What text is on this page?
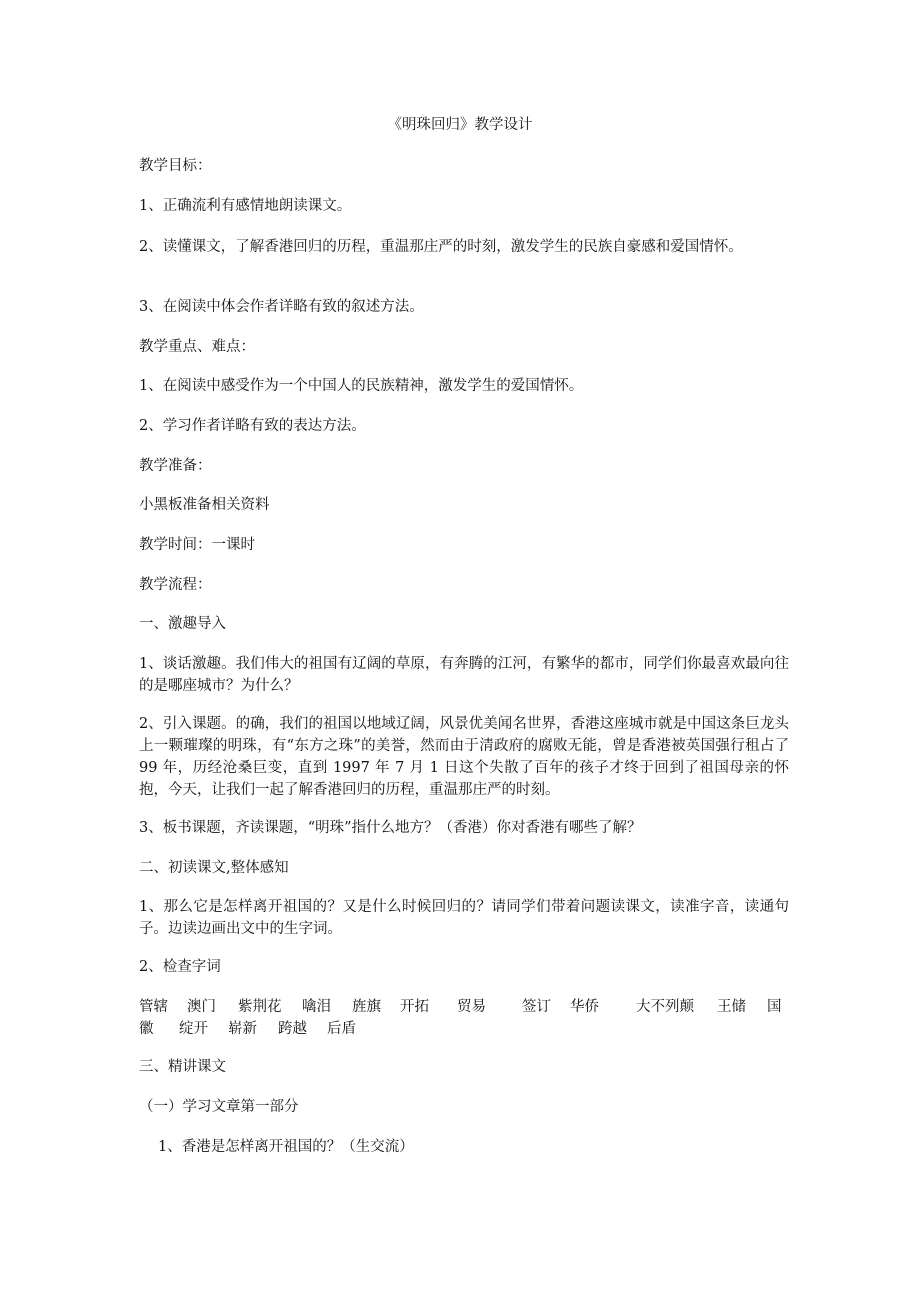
《明珠回归》教学设计
教学目标：
1、正确流利有感情地朗读课文。
2、读懂课文，了解香港回归的历程，重温那庄严的时刻，激发学生的民族自豪感和爱国情怀。
3、在阅读中体会作者详略有致的叙述方法。
教学重点、难点：
1、在阅读中感受作为一个中国人的民族精神，激发学生的爱国情怀。
2、学习作者详略有致的表达方法。
教学准备：
小黑板准备相关资料
教学时间：一课时
教学流程：
一、激趣导入
1、谈话激趣。我们伟大的祖国有辽阔的草原，有奔腾的江河，有繁华的都市，同学们你最喜欢最向往的是哪座城市？为什么？
2、引入课题。的确，我们的祖国以地域辽阔，风景优美闻名世界，香港这座城市就是中国这条巨龙头上一颗璀璨的明珠，有“东方之珠”的美誉，然而由于清政府的腐败无能，曾是香港被英国强行租占了 99 年，历经沧桑巨变，直到 1997 年 7 月 1 日这个失散了百年的孩子才终于回到了祖国母亲的怀抱，今天，让我们一起了解香港回归的历程，重温那庄严的时刻。
3、板书课题，齐读课题，“明珠”指什么地方？（香港）你对香港有哪些了解？
二、初读课文,整体感知
1、那么它是怎样离开祖国的？又是什么时候回归的？请同学们带着问题读课文，读准字音，读通句子。边读边画出文中的生字词。
2、检查字词
管辖 澳门 紫荆花 噙泪 旌旗 开拓 贸易 签订 华侨	大不列颠 王储 国
徽 绽开 崭新 跨越 后盾
三、精讲课文
（一）学习文章第一部分
1、香港是怎样离开祖国的？（生交流）
